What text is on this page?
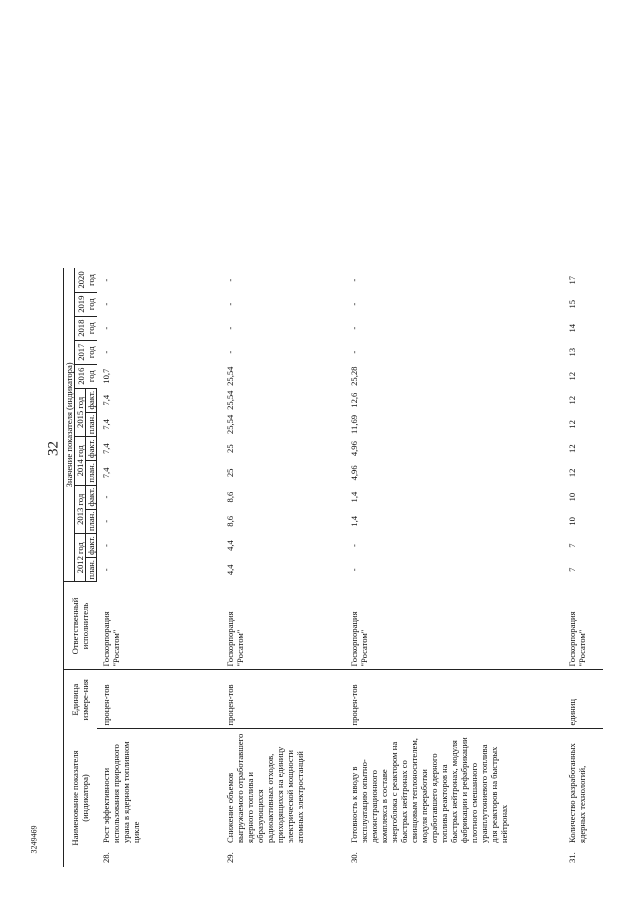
32
3249469	Наименование показателя (индикатора)		Единица измере-ния	Ответственный исполнитель	Значение показателя (индикатора)												
				2012 год		2013 год		2014 год		2015 год		2016 год	2017 год	2018 год	2019 год	2020 год
				план.	факт.	план.	факт.	план.	факт.	план.	факт.					
28.	Рост эффективности использования природного урана в ядерном топливном цикле	процен-тов	Госкорпорация "Росатом"	-	-	-	-	7,4	7,4	7,4	7,4	10,7	-	-	-	-
29.	Снижение объемов выгружаемого отработавшего ядерного топлива и образующихся радиоактивных отходов, приходящихся на единицу электрической мощности атомных электростанций	процен-тов	Госкорпорация "Росатом"	4,4	4,4	8,6	8,6	25	25	25,54	25,54	25,54	-	-	-	-
30.	Готовность к вводу в эксплуатацию опытно-демонстрационного комплекса в составе энергоблока с реактором на быстрых нейтронах со свинцовым теплоносителем, модуля переработки отработавшего ядерного топлива реакторов на быстрых нейтронах, модуля фабрикации и рефабрикации плотного смешанного уранплутониевого топлива для реакторов на быстрых нейтронах	процен-тов	Госкорпорация "Росатом"	-	-	1,4	1,4	4,96	4,96	11,69	12,6	25,28	-	-	-	-
31.	Количество разработанных ядерных технологий,	единиц	Госкорпорация "Росатом"	7	7	10	10	12	12	12	12	12	13	14	15	17
